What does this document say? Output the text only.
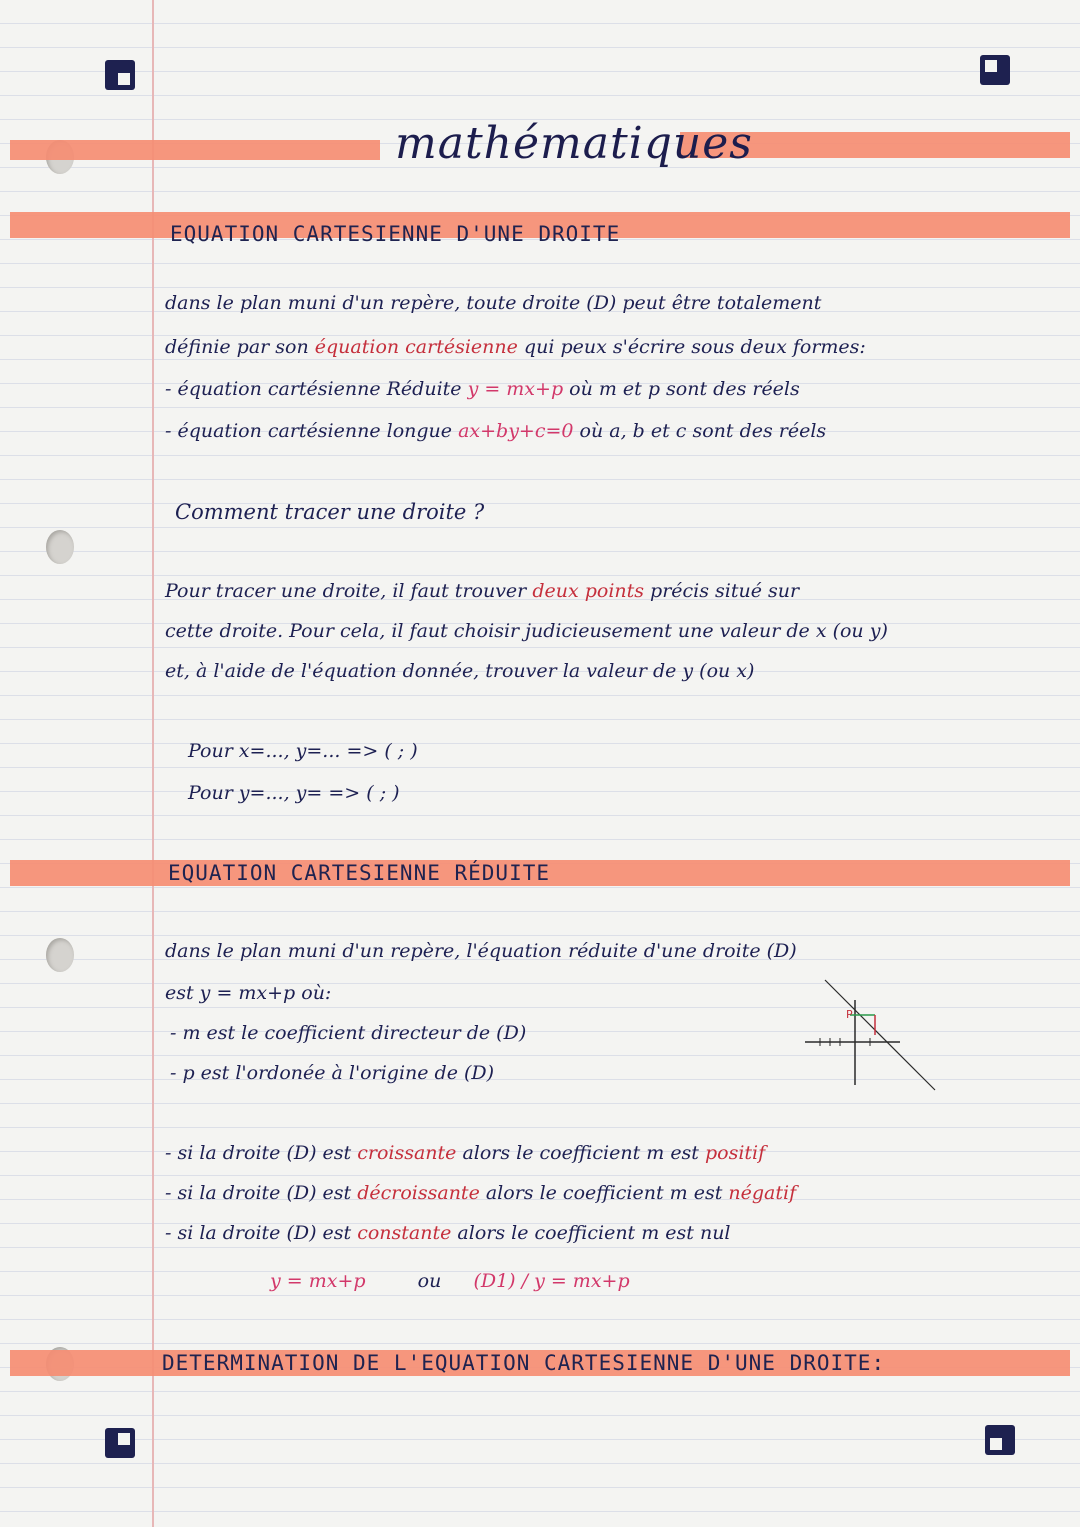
mathématiques
EQUATION CARTESIENNE D'UNE DROITE
dans le plan muni d'un repère, toute droite (D) peut être totalement
définie par son équation cartésienne qui peux s'écrire sous deux formes:
- équation cartésienne Réduite y = mx+p où m et p sont des réels
- équation cartésienne longue ax+by+c=0 où a, b et c sont des réels
Comment tracer une droite ?
Pour tracer une droite, il faut trouver deux points précis situé sur
cette droite. Pour cela, il faut choisir judicieusement une valeur de x (ou y)
et, à l'aide de l'équation donnée, trouver la valeur de y (ou x)
Pour x=..., y=... => ( ; )
Pour y=..., y= => ( ; )
EQUATION CARTESIENNE RÉDUITE
dans le plan muni d'un repère, l'équation réduite d'une droite (D)
est y = mx+p où:
- m est le coefficient directeur de (D)
- p est l'ordonée à l'origine de (D)
P
- si la droite (D) est croissante alors le coefficient m est positif
- si la droite (D) est décroissante alors le coefficient m est négatif
- si la droite (D) est constante alors le coefficient m est nul
y = mx+p	ou (D1) / y = mx+p
DETERMINATION DE L'EQUATION CARTESIENNE D'UNE DROITE:
